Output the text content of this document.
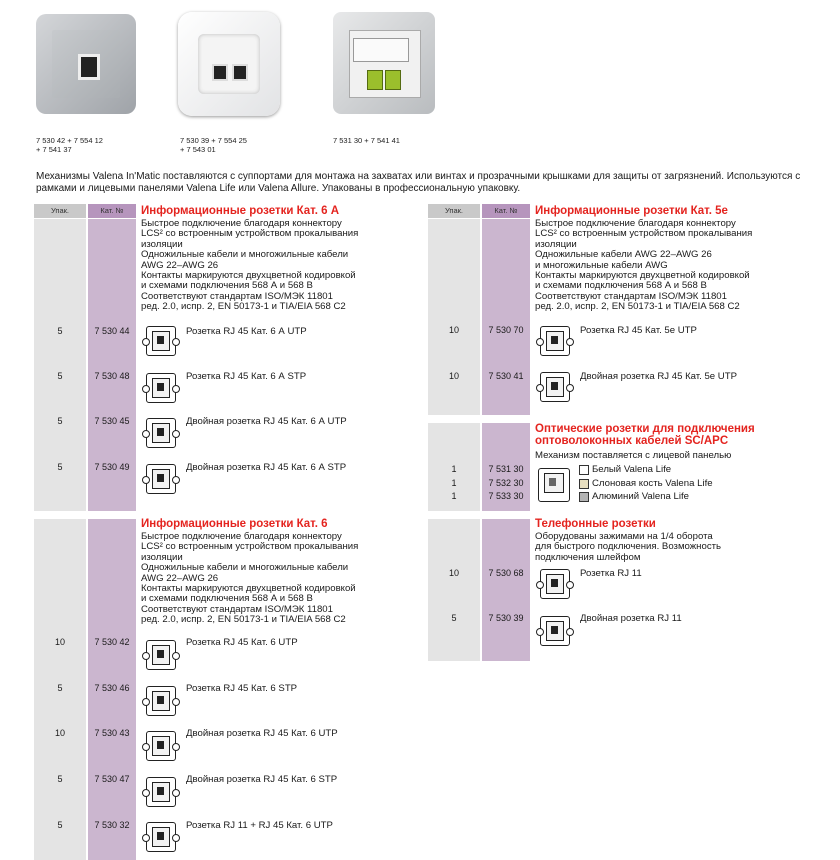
7 530 42 + 7 554 12
+ 7 541 37
7 530 39 + 7 554 25
+ 7 543 01
7 531 30 + 7 541 41
Механизмы Valena In'Matic поставляются с суппортами для монтажа на захватах или винтах и прозрачными крышками для защиты от загрязнений. Используются с рамками и лицевыми панелями Valena Life или Valena Allure. Упакованы в профессиональную упаковку.
Упак.	Кат. №	Информационные розетки Кат. 6 А
Быстрое подключение благодаря коннектору
LCS² со встроенным устройством прокалывания
изоляции
Одножильные кабели и многожильные кабели
AWG 22–AWG 26
Контакты маркируются двухцветной кодировкой
и схемами подключения 568 А и 568 В
Соответствуют стандартам ISO/МЭК 11801
ред. 2.0, испр. 2, EN 50173-1 и TIA/EIA 568 C2
5	7 530 44	Розетка RJ 45 Кат. 6 А UTP
5	7 530 48	Розетка RJ 45 Кат. 6 А STP
5	7 530 45	Двойная розетка RJ 45 Кат. 6 А UTP
5	7 530 49	Двойная розетка RJ 45 Кат. 6 А STP
Информационные розетки Кат. 6
Быстрое подключение благодаря коннектору
LCS² со встроенным устройством прокалывания
изоляции
Одножильные кабели и многожильные кабели
AWG 22–AWG 26
Контакты маркируются двухцветной кодировкой
и схемами подключения 568 А и 568 В
Соответствуют стандартам ISO/МЭК 11801
ред. 2.0, испр. 2, EN 50173-1 и TIA/EIA 568 C2
10	7 530 42	Розетка RJ 45 Кат. 6 UTP
5	7 530 46	Розетка RJ 45 Кат. 6 STP
10	7 530 43	Двойная розетка RJ 45 Кат. 6 UTP
5	7 530 47	Двойная розетка RJ 45 Кат. 6 STP
5	7 530 32	Розетка RJ 11 + RJ 45 Кат. 6 UTP
Упак.	Кат. №	Информационные розетки Кат. 5е
Быстрое подключение благодаря коннектору
LCS² со встроенным устройством прокалывания
изоляции
Одножильные кабели AWG 22–AWG 26
и многожильные кабели AWG
Контакты маркируются двухцветной кодировкой
и схемами подключения 568 А и 568 В
Соответствуют стандартам ISO/МЭК 11801
ред. 2.0, испр. 2, EN 50173-1 и TIA/EIA 568 C2
10	7 530 70	Розетка RJ 45 Кат. 5е UTP
10	7 530 41	Двойная розетка RJ 45 Кат. 5е UTP
Оптические розетки для подключения
оптоволоконных кабелей SC/APC
Механизм поставляется с лицевой панелью
1	7 531 30	Белый Valena Life
1	7 532 30	Слоновая кость Valena Life
1	7 533 30	Алюминий Valena Life
Телефонные розетки
Оборудованы зажимами на 1/4 оборота
для быстрого подключения. Возможность
подключения шлейфом
10	7 530 68	Розетка RJ 11
5	7 530 39	Двойная розетка RJ 11
